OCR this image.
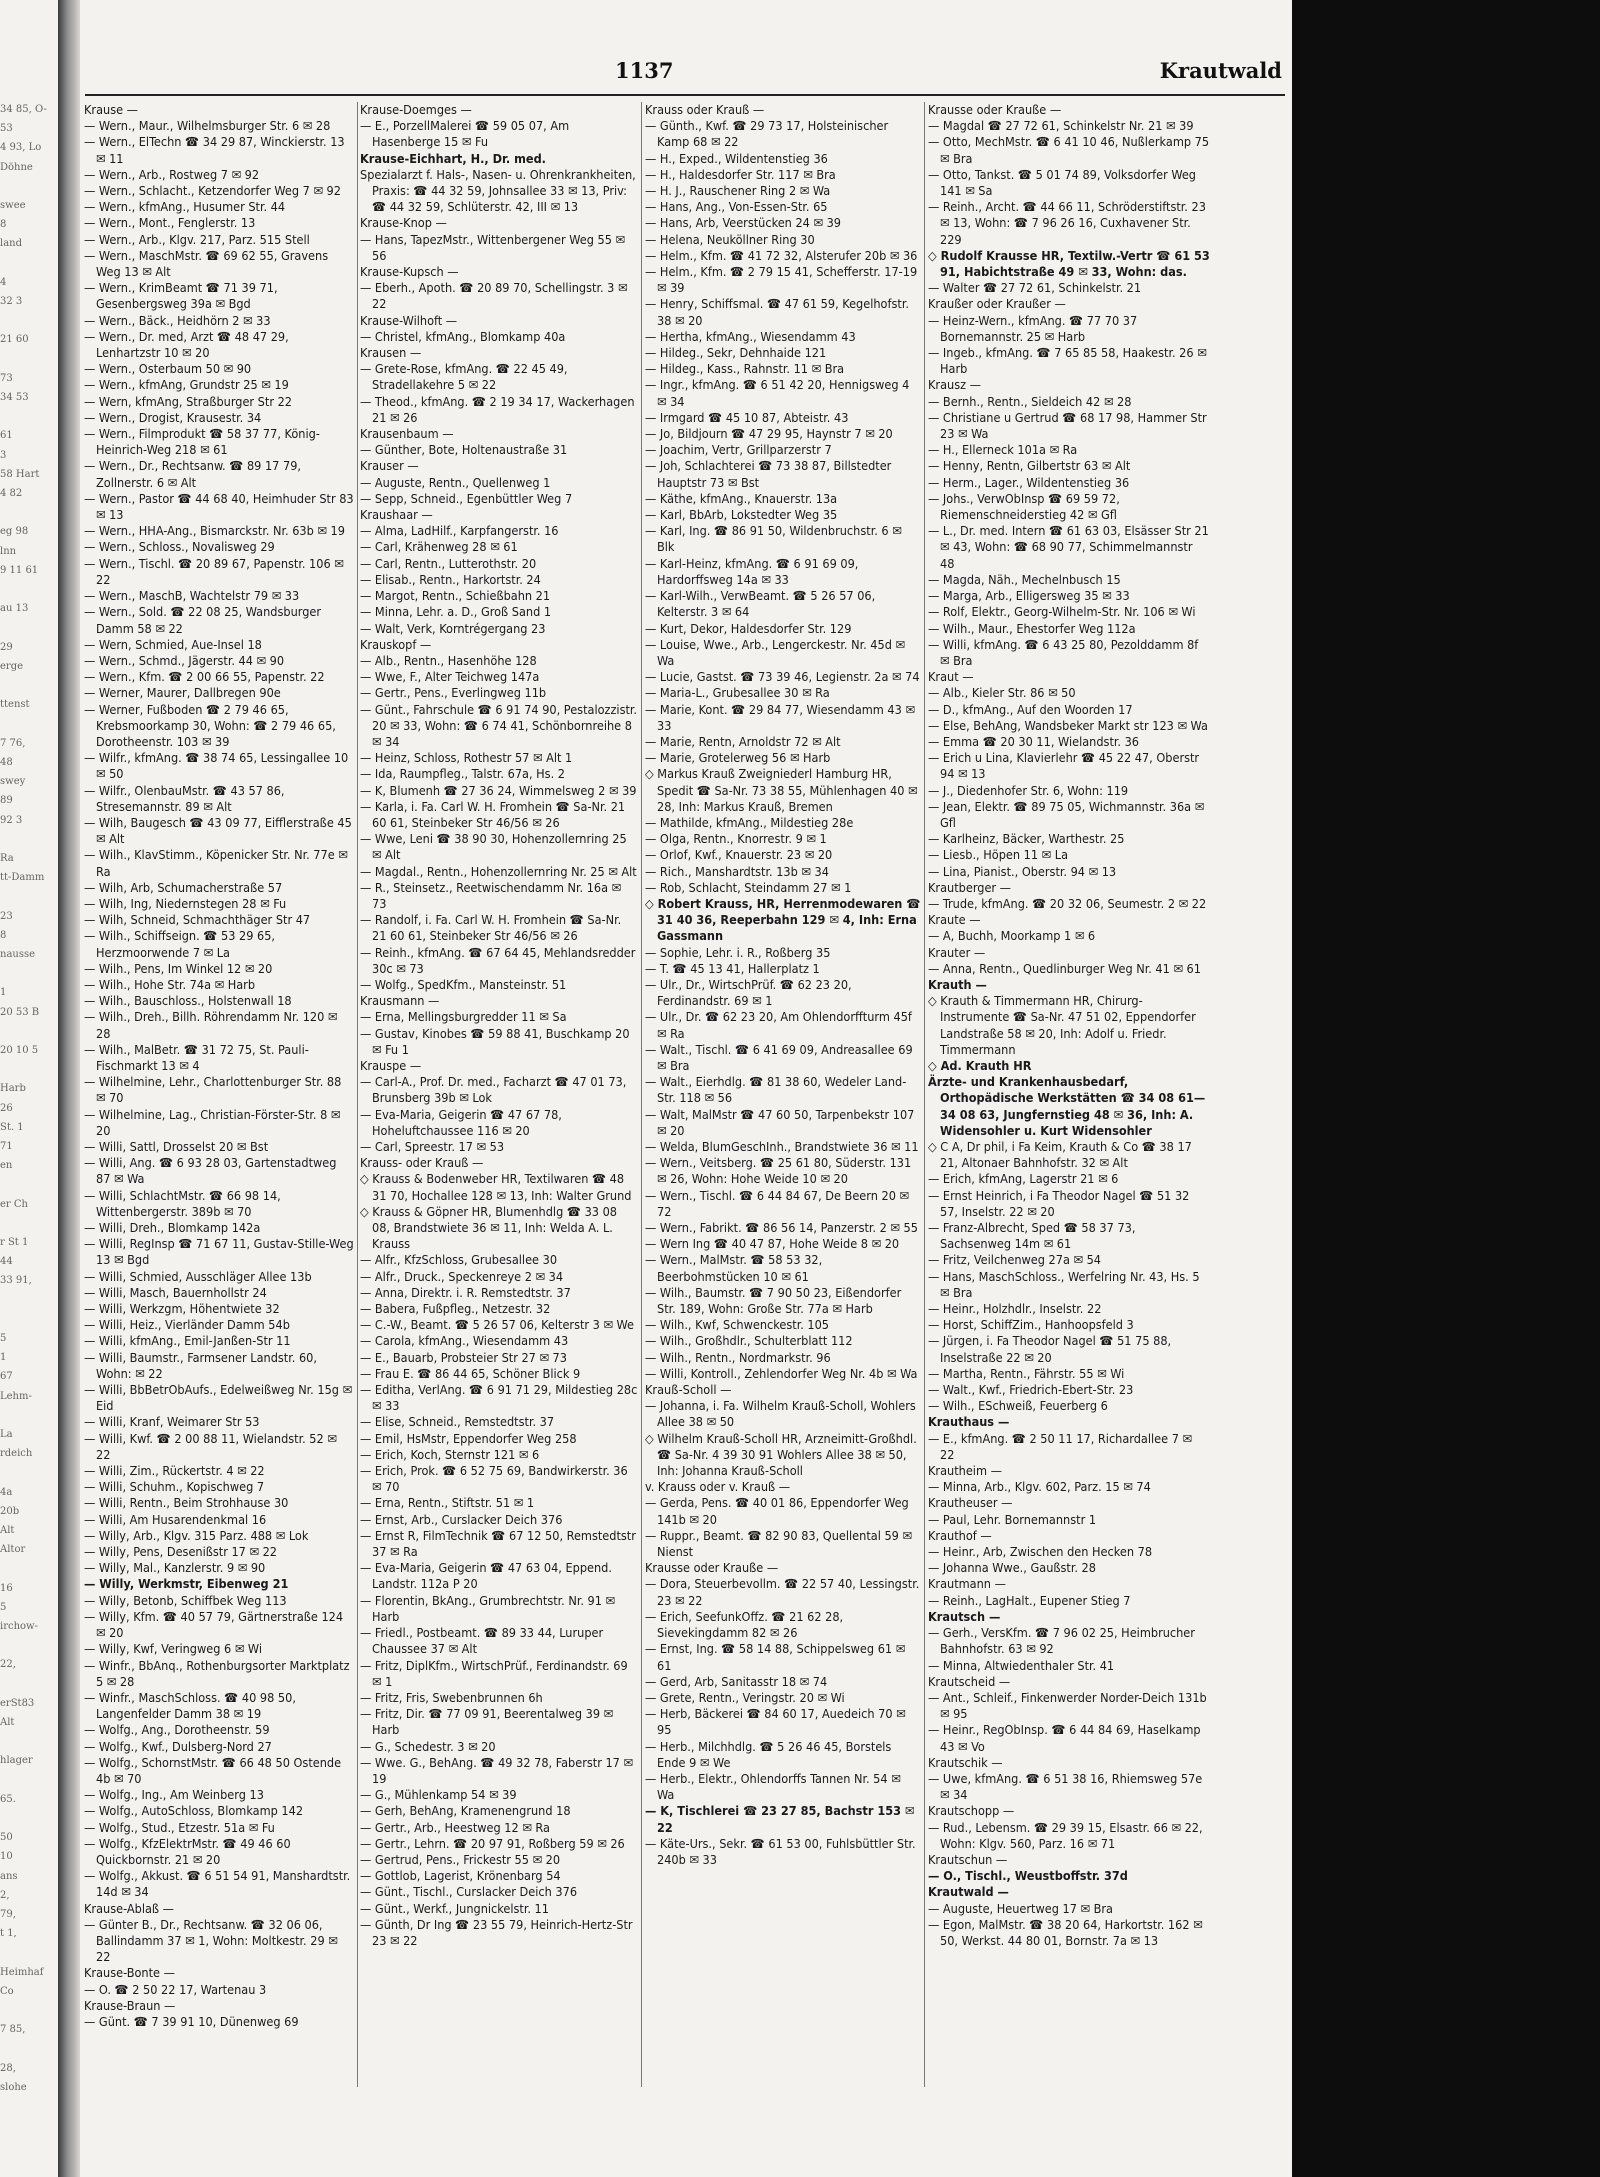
34 85, O-
53
4 93, Lo
Döhne

swee
8
land

4
32 3

21 60

73
34 53

61
3
58 Hart
4 82

eg 98
lnn
9 11 61

au 13

29
erge

ttenst

7 76,
48
swey
89
92 3

Ra
tt-Damm

23
8
nausse

1
20 53 B

20 10 5

Harb
26
St. 1
71
en

er Ch

r St 1
44
33 91,

5
1
67
Lehm-

La
rdeich

4a
20b
Alt
Altor

16
5
irchow-

22,

erSt83
Alt

hlager

65.

50
10
ans
2,
79,
t 1,

Heimhaf
Co

7 85,

28,
slohe
1137	Krautwald
Krause —
— Wern., Maur., Wilhelmsburger Str. 6 ✉ 28
— Wern., ElTechn ☎ 34 29 87, Winckierstr. 13 ✉ 11
— Wern., Arb., Rostweg 7 ✉ 92
— Wern., Schlacht., Ketzendorfer Weg 7 ✉ 92
— Wern., kfmAng., Husumer Str. 44
— Wern., Mont., Fenglerstr. 13
— Wern., Arb., Klgv. 217, Parz. 515 Stell
— Wern., MaschMstr. ☎ 69 62 55, Gravens Weg 13 ✉ Alt
— Wern., KrimBeamt ☎ 71 39 71, Gesenbergsweg 39a ✉ Bgd
— Wern., Bäck., Heidhörn 2 ✉ 33
— Wern., Dr. med, Arzt ☎ 48 47 29, Lenhartzstr 10 ✉ 20
— Wern., Osterbaum 50 ✉ 90
— Wern., kfmAng, Grundstr 25 ✉ 19
— Wern, kfmAng, Straßburger Str 22
— Wern., Drogist, Krausestr. 34
— Wern., Filmprodukt ☎ 58 37 77, König-Heinrich-Weg 218 ✉ 61
— Wern., Dr., Rechtsanw. ☎ 89 17 79, Zollnerstr. 6 ✉ Alt
— Wern., Pastor ☎ 44 68 40, Heimhuder Str 83 ✉ 13
— Wern., HHA-Ang., Bismarckstr. Nr. 63b ✉ 19
— Wern., Schloss., Novalisweg 29
— Wern., Tischl. ☎ 20 89 67, Papenstr. 106 ✉ 22
— Wern., MaschB, Wachtelstr 79 ✉ 33
— Wern., Sold. ☎ 22 08 25, Wandsburger Damm 58 ✉ 22
— Wern, Schmied, Aue-Insel 18
— Wern., Schmd., Jägerstr. 44 ✉ 90
— Wern., Kfm. ☎ 2 00 66 55, Papenstr. 22
— Werner, Maurer, Dallbregen 90e
— Werner, Fußboden ☎ 2 79 46 65, Krebsmoorkamp 30, Wohn: ☎ 2 79 46 65, Dorotheenstr. 103 ✉ 39
— Wilfr., kfmAng. ☎ 38 74 65, Lessingallee 10 ✉ 50
— Wilfr., OlenbauMstr. ☎ 43 57 86, Stresemannstr. 89 ✉ Alt
— Wilh, Baugesch ☎ 43 09 77, Eifflerstraße 45 ✉ Alt
— Wilh., KlavStimm., Köpenicker Str. Nr. 77e ✉ Ra
— Wilh, Arb, Schumacherstraße 57
— Wilh, Ing, Niedernstegen 28 ✉ Fu
— Wilh, Schneid, Schmachthäger Str 47
— Wilh., Schiffseign. ☎ 53 29 65, Herzmoorwende 7 ✉ La
— Wilh., Pens, Im Winkel 12 ✉ 20
— Wilh., Hohe Str. 74a ✉ Harb
— Wilh., Bauschloss., Holstenwall 18
— Wilh., Dreh., Billh. Röhrendamm Nr. 120 ✉ 28
— Wilh., MalBetr. ☎ 31 72 75, St. Pauli-Fischmarkt 13 ✉ 4
— Wilhelmine, Lehr., Charlottenburger Str. 88 ✉ 70
— Wilhelmine, Lag., Christian-Förster-Str. 8 ✉ 20
— Willi, Sattl, Drosselst 20 ✉ Bst
— Willi, Ang. ☎ 6 93 28 03, Gartenstadtweg 87 ✉ Wa
— Willi, SchlachtMstr. ☎ 66 98 14, Wittenbergerstr. 389b ✉ 70
— Willi, Dreh., Blomkamp 142a
— Willi, RegInsp ☎ 71 67 11, Gustav-Stille-Weg 13 ✉ Bgd
— Willi, Schmied, Ausschläger Allee 13b
— Willi, Masch, Bauernhollstr 24
— Willi, Werkzgm, Höhentwiete 32
— Willi, Heiz., Vierländer Damm 54b
— Willi, kfmAng., Emil-Janßen-Str 11
— Willi, Baumstr., Farmsener Landstr. 60, Wohn: ✉ 22
— Willi, BbBetrObAufs., Edelweißweg Nr. 15g ✉ Eid
— Willi, Kranf, Weimarer Str 53
— Willi, Kwf. ☎ 2 00 88 11, Wielandstr. 52 ✉ 22
— Willi, Zim., Rückertstr. 4 ✉ 22
— Willi, Schuhm., Kopischweg 7
— Willi, Rentn., Beim Strohhause 30
— Willi, Am Husarendenkmal 16
— Willy, Arb., Klgv. 315 Parz. 488 ✉ Lok
— Willy, Pens, Desenißstr 17 ✉ 22
— Willy, Mal., Kanzlerstr. 9 ✉ 90
— Willy, Werkmstr, Eibenweg 21
— Willy, Betonb, Schiffbek Weg 113
— Willy, Kfm. ☎ 40 57 79, Gärtnerstraße 124 ✉ 20
— Willy, Kwf, Veringweg 6 ✉ Wi
— Winfr., BbAnq., Rothenburgsorter Marktplatz 5 ✉ 28
— Winfr., MaschSchloss. ☎ 40 98 50, Langenfelder Damm 38 ✉ 19
— Wolfg., Ang., Dorotheenstr. 59
— Wolfg., Kwf., Dulsberg-Nord 27
— Wolfg., SchornstMstr. ☎ 66 48 50 Ostende 4b ✉ 70
— Wolfg., Ing., Am Weinberg 13
— Wolfg., AutoSchloss, Blomkamp 142
— Wolfg., Stud., Etzestr. 51a ✉ Fu
— Wolfg., KfzElektrMstr. ☎ 49 46 60 Quickbornstr. 21 ✉ 20
— Wolfg., Akkust. ☎ 6 51 54 91, Manshardtstr. 14d ✉ 34
Krause-Ablaß —
— Günter B., Dr., Rechtsanw. ☎ 32 06 06, Ballindamm 37 ✉ 1, Wohn: Moltkestr. 29 ✉ 22
Krause-Bonte —
— O. ☎ 2 50 22 17, Wartenau 3
Krause-Braun —
— Günt. ☎ 7 39 91 10, Dünenweg 69
Krause-Doemges —
— E., PorzellMalerei ☎ 59 05 07, Am Hasenberge 15 ✉ Fu
Krause-Eichhart, H., Dr. med.
Spezialarzt f. Hals-, Nasen- u. Ohrenkrankheiten, Praxis: ☎ 44 32 59, Johnsallee 33 ✉ 13, Priv: ☎ 44 32 59, Schlüterstr. 42, III ✉ 13
Krause-Knop —
— Hans, TapezMstr., Wittenbergener Weg 55 ✉ 56
Krause-Kupsch —
— Eberh., Apoth. ☎ 20 89 70, Schellingstr. 3 ✉ 22
Krause-Wilhoft —
— Christel, kfmAng., Blomkamp 40a
Krausen —
— Grete-Rose, kfmAng. ☎ 22 45 49, Stradellakehre 5 ✉ 22
— Theod., kfmAng. ☎ 2 19 34 17, Wackerhagen 21 ✉ 26
Krausenbaum —
— Günther, Bote, Holtenaustraße 31
Krauser —
— Auguste, Rentn., Quellenweg 1
— Sepp, Schneid., Egenbüttler Weg 7
Kraushaar —
— Alma, LadHilf., Karpfangerstr. 16
— Carl, Krähenweg 28 ✉ 61
— Carl, Rentn., Lutterothstr. 20
— Elisab., Rentn., Harkortstr. 24
— Margot, Rentn., Schießbahn 21
— Minna, Lehr. a. D., Groß Sand 1
— Walt, Verk, Korntrégergang 23
Krauskopf —
— Alb., Rentn., Hasenhöhe 128
— Wwe, F., Alter Teichweg 147a
— Gertr., Pens., Everlingweg 11b
— Günt., Fahrschule ☎ 6 91 74 90, Pestalozzistr. 20 ✉ 33, Wohn: ☎ 6 74 41, Schönbornreihe 8 ✉ 34
— Heinz, Schloss, Rothestr 57 ✉ Alt 1
— Ida, Raumpfleg., Talstr. 67a, Hs. 2
— K, Blumenh ☎ 27 36 24, Wimmelsweg 2 ✉ 39
— Karla, i. Fa. Carl W. H. Fromhein ☎ Sa-Nr. 21 60 61, Steinbeker Str 46/56 ✉ 26
— Wwe, Leni ☎ 38 90 30, Hohenzollernring 25 ✉ Alt
— Magdal., Rentn., Hohenzollernring Nr. 25 ✉ Alt
— R., Steinsetz., Reetwischendamm Nr. 16a ✉ 73
— Randolf, i. Fa. Carl W. H. Fromhein ☎ Sa-Nr. 21 60 61, Steinbeker Str 46/56 ✉ 26
— Reinh., kfmAng. ☎ 67 64 45, Mehlandsredder 30c ✉ 73
— Wolfg., SpedKfm., Mansteinstr. 51
Krausmann —
— Erna, Mellingsburgredder 11 ✉ Sa
— Gustav, Kinobes ☎ 59 88 41, Buschkamp 20 ✉ Fu 1
Krauspe —
— Carl-A., Prof. Dr. med., Facharzt ☎ 47 01 73, Brunsberg 39b ✉ Lok
— Eva-Maria, Geigerin ☎ 47 67 78, Hoheluftchaussee 116 ✉ 20
— Carl, Spreestr. 17 ✉ 53
Krauss- oder Krauß —
◇ Krauss & Bodenweber HR, Textilwaren ☎ 48 31 70, Hochallee 128 ✉ 13, Inh: Walter Grund
◇ Krauss & Göpner HR, Blumenhdlg ☎ 33 08 08, Brandstwiete 36 ✉ 11, Inh: Welda A. L. Krauss
— Alfr., KfzSchloss, Grubesallee 30
— Alfr., Druck., Speckenreye 2 ✉ 34
— Anna, Direktr. i. R. Remstedtstr. 37
— Babera, Fußpfleg., Netzestr. 32
— C.-W., Beamt. ☎ 5 26 57 06, Kelterstr 3 ✉ We
— Carola, kfmAng., Wiesendamm 43
— E., Bauarb, Probsteier Str 27 ✉ 73
— Frau E. ☎ 86 44 65, Schöner Blick 9
— Editha, VerlAng. ☎ 6 91 71 29, Mildestieg 28c ✉ 33
— Elise, Schneid., Remstedtstr. 37
— Emil, HsMstr, Eppendorfer Weg 258
— Erich, Koch, Sternstr 121 ✉ 6
— Erich, Prok. ☎ 6 52 75 69, Bandwirkerstr. 36 ✉ 70
— Erna, Rentn., Stiftstr. 51 ✉ 1
— Ernst, Arb., Curslacker Deich 376
— Ernst R, FilmTechnik ☎ 67 12 50, Remstedtstr 37 ✉ Ra
— Eva-Maria, Geigerin ☎ 47 63 04, Eppend. Landstr. 112a P 20
— Florentin, BkAng., Grumbrechtstr. Nr. 91 ✉ Harb
— Friedl., Postbeamt. ☎ 89 33 44, Luruper Chaussee 37 ✉ Alt
— Fritz, DiplKfm., WirtschPrüf., Ferdinandstr. 69 ✉ 1
— Fritz, Fris, Swebenbrunnen 6h
— Fritz, Dir. ☎ 77 09 91, Beerentalweg 39 ✉ Harb
— G., Schedestr. 3 ✉ 20
— Wwe. G., BehAng. ☎ 49 32 78, Faberstr 17 ✉ 19
— G., Mühlenkamp 54 ✉ 39
— Gerh, BehAng, Kramenengrund 18
— Gertr., Arb., Heestweg 12 ✉ Ra
— Gertr., Lehrn. ☎ 20 97 91, Roßberg 59 ✉ 26
— Gertrud, Pens., Frickestr 55 ✉ 20
— Gottlob, Lagerist, Krönenbarg 54
— Günt., Tischl., Curslacker Deich 376
— Günt., Werkf., Jungnickelstr. 11
— Günth, Dr Ing ☎ 23 55 79, Heinrich-Hertz-Str 23 ✉ 22
Krauss oder Krauß —
— Günth., Kwf. ☎ 29 73 17, Holsteinischer Kamp 68 ✉ 22
— H., Exped., Wildentenstieg 36
— H., Haldesdorfer Str. 117 ✉ Bra
— H. J., Rauschener Ring 2 ✉ Wa
— Hans, Ang., Von-Essen-Str. 65
— Hans, Arb, Veerstücken 24 ✉ 39
— Helena, Neuköllner Ring 30
— Helm., Kfm. ☎ 41 72 32, Alsterufer 20b ✉ 36
— Helm., Kfm. ☎ 2 79 15 41, Schefferstr. 17-19 ✉ 39
— Henry, Schiffsmal. ☎ 47 61 59, Kegelhofstr. 38 ✉ 20
— Hertha, kfmAng., Wiesendamm 43
— Hildeg., Sekr, Dehnhaide 121
— Hildeg., Kass., Rahnstr. 11 ✉ Bra
— Ingr., kfmAng. ☎ 6 51 42 20, Hennigsweg 4 ✉ 34
— Irmgard ☎ 45 10 87, Abteistr. 43
— Jo, Bildjourn ☎ 47 29 95, Haynstr 7 ✉ 20
— Joachim, Vertr, Grillparzerstr 7
— Joh, Schlachterei ☎ 73 38 87, Billstedter Hauptstr 73 ✉ Bst
— Käthe, kfmAng., Knauerstr. 13a
— Karl, BbArb, Lokstedter Weg 35
— Karl, Ing. ☎ 86 91 50, Wildenbruchstr. 6 ✉ Blk
— Karl-Heinz, kfmAng. ☎ 6 91 69 09, Hardorffsweg 14a ✉ 33
— Karl-Wilh., VerwBeamt. ☎ 5 26 57 06, Kelterstr. 3 ✉ 64
— Kurt, Dekor, Haldesdorfer Str. 129
— Louise, Wwe., Arb., Lengerckestr. Nr. 45d ✉ Wa
— Lucie, Gastst. ☎ 73 39 46, Legienstr. 2a ✉ 74
— Maria-L., Grubesallee 30 ✉ Ra
— Marie, Kont. ☎ 29 84 77, Wiesendamm 43 ✉ 33
— Marie, Rentn, Arnoldstr 72 ✉ Alt
— Marie, Grotelerweg 56 ✉ Harb
◇ Markus Krauß Zweigniederl Hamburg HR, Spedit ☎ Sa-Nr. 73 38 55, Mühlenhagen 40 ✉ 28, Inh: Markus Krauß, Bremen
— Mathilde, kfmAng., Mildestieg 28e
— Olga, Rentn., Knorrestr. 9 ✉ 1
— Orlof, Kwf., Knauerstr. 23 ✉ 20
— Rich., Manshardtstr. 13b ✉ 34
— Rob, Schlacht, Steindamm 27 ✉ 1
◇ Robert Krauss, HR, Herrenmodewaren ☎ 31 40 36, Reeperbahn 129 ✉ 4, Inh: Erna Gassmann
— Sophie, Lehr. i. R., Roßberg 35
— T. ☎ 45 13 41, Hallerplatz 1
— Ulr., Dr., WirtschPrüf. ☎ 62 23 20, Ferdinandstr. 69 ✉ 1
— Ulr., Dr. ☎ 62 23 20, Am Ohlendorffturm 45f ✉ Ra
— Walt., Tischl. ☎ 6 41 69 09, Andreasallee 69 ✉ Bra
— Walt., Eierhdlg. ☎ 81 38 60, Wedeler Land-Str. 118 ✉ 56
— Walt, MalMstr ☎ 47 60 50, Tarpenbekstr 107 ✉ 20
— Welda, BlumGeschInh., Brandstwiete 36 ✉ 11
— Wern., Veitsberg. ☎ 25 61 80, Süderstr. 131 ✉ 26, Wohn: Hohe Weide 10 ✉ 20
— Wern., Tischl. ☎ 6 44 84 67, De Beern 20 ✉ 72
— Wern., Fabrikt. ☎ 86 56 14, Panzerstr. 2 ✉ 55
— Wern Ing ☎ 40 47 87, Hohe Weide 8 ✉ 20
— Wern., MalMstr. ☎ 58 53 32, Beerbohmstücken 10 ✉ 61
— Wilh., Baumstr. ☎ 7 90 50 23, Eißendorfer Str. 189, Wohn: Große Str. 77a ✉ Harb
— Wilh., Kwf, Schwenckestr. 105
— Wilh., Großhdlr., Schulterblatt 112
— Wilh., Rentn., Nordmarkstr. 96
— Willi, Kontroll., Zehlendorfer Weg Nr. 4b ✉ Wa
Krauß-Scholl —
— Johanna, i. Fa. Wilhelm Krauß-Scholl, Wohlers Allee 38 ✉ 50
◇ Wilhelm Krauß-Scholl HR, Arzneimitt-Großhdl. ☎ Sa-Nr. 4 39 30 91 Wohlers Allee 38 ✉ 50, Inh: Johanna Krauß-Scholl
v. Krauss oder v. Krauß —
— Gerda, Pens. ☎ 40 01 86, Eppendorfer Weg 141b ✉ 20
— Ruppr., Beamt. ☎ 82 90 83, Quellental 59 ✉ Nienst
Krausse oder Krauße —
— Dora, Steuerbevollm. ☎ 22 57 40, Lessingstr. 23 ✉ 22
— Erich, SeefunkOffz. ☎ 21 62 28, Sievekingdamm 82 ✉ 26
— Ernst, Ing. ☎ 58 14 88, Schippelsweg 61 ✉ 61
— Gerd, Arb, Sanitasstr 18 ✉ 74
— Grete, Rentn., Veringstr. 20 ✉ Wi
— Herb, Bäckerei ☎ 84 60 17, Auedeich 70 ✉ 95
— Herb., Milchhdlg. ☎ 5 26 46 45, Borstels Ende 9 ✉ We
— Herb., Elektr., Ohlendorffs Tannen Nr. 54 ✉ Wa
— K, Tischlerei ☎ 23 27 85, Bachstr 153 ✉ 22
— Käte-Urs., Sekr. ☎ 61 53 00, Fuhlsbüttler Str. 240b ✉ 33
Krausse oder Krauße —
— Magdal ☎ 27 72 61, Schinkelstr Nr. 21 ✉ 39
— Otto, MechMstr. ☎ 6 41 10 46, Nußlerkamp 75 ✉ Bra
— Otto, Tankst. ☎ 5 01 74 89, Volksdorfer Weg 141 ✉ Sa
— Reinh., Archt. ☎ 44 66 11, Schröderstiftstr. 23 ✉ 13, Wohn: ☎ 7 96 26 16, Cuxhavener Str. 229
◇ Rudolf Krausse HR, Textilw.-Vertr ☎ 61 53 91, Habichtstraße 49 ✉ 33, Wohn: das.
— Walter ☎ 27 72 61, Schinkelstr. 21
Kraußer oder Kraußer —
— Heinz-Wern., kfmAng. ☎ 77 70 37 Bornemannstr. 25 ✉ Harb
— Ingeb., kfmAng. ☎ 7 65 85 58, Haakestr. 26 ✉ Harb
Krausz —
— Bernh., Rentn., Sieldeich 42 ✉ 28
— Christiane u Gertrud ☎ 68 17 98, Hammer Str 23 ✉ Wa
— H., Ellerneck 101a ✉ Ra
— Henny, Rentn, Gilbertstr 63 ✉ Alt
— Herm., Lager., Wildentenstieg 36
— Johs., VerwObInsp ☎ 69 59 72, Riemenschneiderstieg 42 ✉ Gfl
— L., Dr. med. Intern ☎ 61 63 03, Elsässer Str 21 ✉ 43, Wohn: ☎ 68 90 77, Schimmelmannstr 48
— Magda, Näh., Mechelnbusch 15
— Marga, Arb., Elligersweg 35 ✉ 33
— Rolf, Elektr., Georg-Wilhelm-Str. Nr. 106 ✉ Wi
— Wilh., Maur., Ehestorfer Weg 112a
— Willi, kfmAng. ☎ 6 43 25 80, Pezolddamm 8f ✉ Bra
Kraut —
— Alb., Kieler Str. 86 ✉ 50
— D., kfmAng., Auf den Woorden 17
— Else, BehAng, Wandsbeker Markt str 123 ✉ Wa
— Emma ☎ 20 30 11, Wielandstr. 36
— Erich u Lina, Klavierlehr ☎ 45 22 47, Oberstr 94 ✉ 13
— J., Diedenhofer Str. 6, Wohn: 119
— Jean, Elektr. ☎ 89 75 05, Wichmannstr. 36a ✉ Gfl
— Karlheinz, Bäcker, Warthestr. 25
— Liesb., Höpen 11 ✉ La
— Lina, Pianist., Oberstr. 94 ✉ 13
Krautberger —
— Trude, kfmAng. ☎ 20 32 06, Seumestr. 2 ✉ 22
Kraute —
— A, Buchh, Moorkamp 1 ✉ 6
Krauter —
— Anna, Rentn., Quedlinburger Weg Nr. 41 ✉ 61
Krauth —
◇ Krauth & Timmermann HR, Chirurg-Instrumente ☎ Sa-Nr. 47 51 02, Eppendorfer Landstraße 58 ✉ 20, Inh: Adolf u. Friedr. Timmermann
◇ Ad. Krauth HR
Ärzte- und Krankenhausbedarf, Orthopädische Werkstätten ☎ 34 08 61—34 08 63, Jungfernstieg 48 ✉ 36, Inh: A. Widensohler u. Kurt Widensohler
◇ C A, Dr phil, i Fa Keim, Krauth & Co ☎ 38 17 21, Altonaer Bahnhofstr. 32 ✉ Alt
— Erich, kfmAng, Lagerstr 21 ✉ 6
— Ernst Heinrich, i Fa Theodor Nagel ☎ 51 32 57, Inselstr. 22 ✉ 20
— Franz-Albrecht, Sped ☎ 58 37 73, Sachsenweg 14m ✉ 61
— Fritz, Veilchenweg 27a ✉ 54
— Hans, MaschSchloss., Werfelring Nr. 43, Hs. 5 ✉ Bra
— Heinr., Holzhdlr., Inselstr. 22
— Horst, SchiffZim., Hanhoopsfeld 3
— Jürgen, i. Fa Theodor Nagel ☎ 51 75 88, Inselstraße 22 ✉ 20
— Martha, Rentn., Fährstr. 55 ✉ Wi
— Walt., Kwf., Friedrich-Ebert-Str. 23
— Wilh., ESchweiß, Feuerberg 6
Krauthaus —
— E., kfmAng. ☎ 2 50 11 17, Richardallee 7 ✉ 22
Krautheim —
— Minna, Arb., Klgv. 602, Parz. 15 ✉ 74
Krautheuser —
— Paul, Lehr. Bornemannstr 1
Krauthof —
— Heinr., Arb, Zwischen den Hecken 78
— Johanna Wwe., Gaußstr. 28
Krautmann —
— Reinh., LagHalt., Eupener Stieg 7
Krautsch —
— Gerh., VersKfm. ☎ 7 96 02 25, Heimbrucher Bahnhofstr. 63 ✉ 92
— Minna, Altwiedenthaler Str. 41
Krautscheid —
— Ant., Schleif., Finkenwerder Norder-Deich 131b ✉ 95
— Heinr., RegObInsp. ☎ 6 44 84 69, Haselkamp 43 ✉ Vo
Krautschik —
— Uwe, kfmAng. ☎ 6 51 38 16, Rhiemsweg 57e ✉ 34
Krautschopp —
— Rud., Lebensm. ☎ 29 39 15, Elsastr. 66 ✉ 22, Wohn: Klgv. 560, Parz. 16 ✉ 71
Krautschun —
— O., Tischl., Weustboffstr. 37d
Krautwald —
— Auguste, Heuertweg 17 ✉ Bra
— Egon, MalMstr. ☎ 38 20 64, Harkortstr. 162 ✉ 50, Werkst. 44 80 01, Bornstr. 7a ✉ 13
